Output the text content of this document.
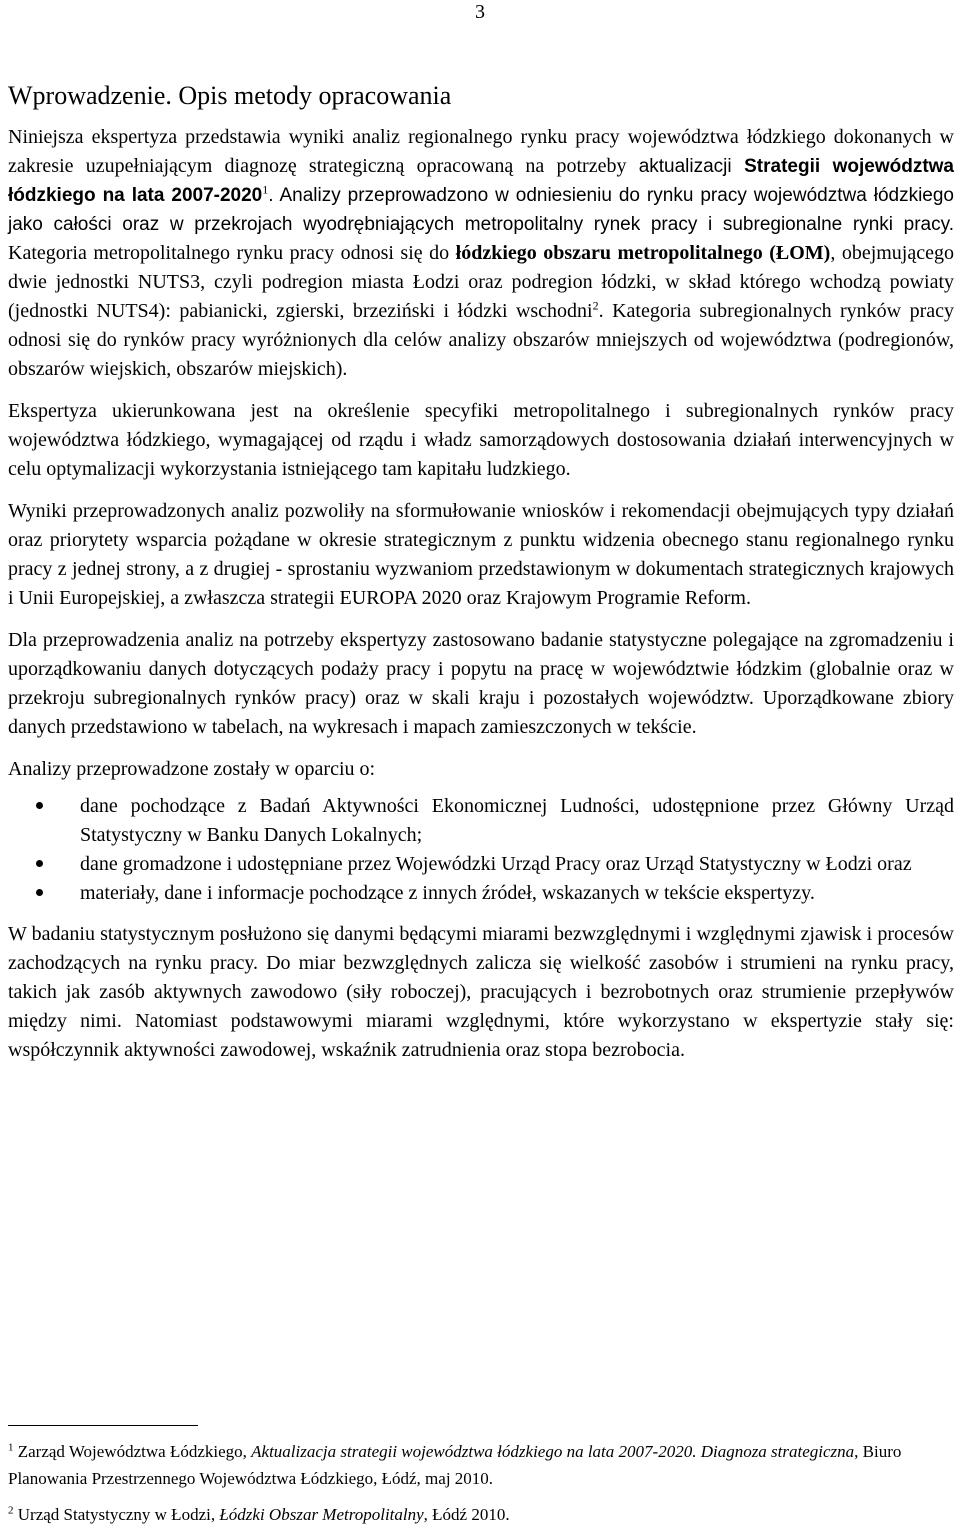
3
Wprowadzenie. Opis metody opracowania

Niniejsza ekspertyza przedstawia wyniki analiz regionalnego rynku pracy województwa łódzkiego dokonanych w zakresie uzupełniającym diagnozę strategiczną opracowaną na potrzeby aktualizacji Strategii województwa łódzkiego na lata 2007-2020$^1$. Analizy przeprowadzono w odniesieniu do rynku pracy województwa łódzkiego jako całości oraz w przekrojach wyodrębniających metropolitalny rynek pracy i subregionalne rynki pracy. Kategoria metropolitalnego rynku pracy odnosi się do łódzkiego obszaru metropolitalnego (ŁOM), obejmującego dwie jednostki NUTS3, czyli podregion miasta Łodzi oraz podregion łódzki, w skład którego wchodzą powiaty (jednostki NUTS4): pabianicki, zgierski, brzeziński i łódzki wschodni$^2$. Kategoria subregionalnych rynków pracy odnosi się do rynków pracy wyróżnionych dla celów analizy obszarów mniejszych od województwa (podregionów, obszarów wiejskich, obszarów miejskich).

Ekspertyza ukierunkowana jest na określenie specyfiki metropolitalnego i subregionalnych rynków pracy województwa łódzkiego, wymagającej od rządu i władz samorządowych dostosowania działań interwencyjnych w celu optymalizacji wykorzystania istniejącego tam kapitału ludzkiego.

Wyniki przeprowadzonych analiz pozwoliły na sformułowanie wniosków i rekomendacji obejmujących typy działań oraz priorytety wsparcia pożądane w okresie strategicznym z punktu widzenia obecnego stanu regionalnego rynku pracy z jednej strony, a z drugiej - sprostaniu wyzwaniom przedstawionym w dokumentach strategicznych krajowych i Unii Europejskiej, a zwłaszcza strategii EUROPA 2020 oraz Krajowym Programie Reform.

Dla przeprowadzenia analiz na potrzeby ekspertyzy zastosowano badanie statystyczne polegające na zgromadzeniu i uporządkowaniu danych dotyczących podaży pracy i popytu na pracę w województwie łódzkim (globalnie oraz w przekroju subregionalnych rynków pracy) oraz w skali kraju i pozostałych województw. Uporządkowane zbiory danych przedstawiono w tabelach, na wykresach i mapach zamieszczonych w tekście.

Analizy przeprowadzone zostały w oparciu o:

dane pochodzące z Badań Aktywności Ekonomicznej Ludności, udostępnione przez Główny Urząd Statystyczny w Banku Danych Lokalnych;
dane gromadzone i udostępniane przez Wojewódzki Urząd Pracy oraz Urząd Statystyczny w Łodzi oraz
materiały, dane i informacje pochodzące z innych źródeł, wskazanych w tekście ekspertyzy.

W badaniu statystycznym posłużono się danymi będącymi miarami bezwzględnymi i względnymi zjawisk i procesów zachodzących na rynku pracy. Do miar bezwzględnych zalicza się wielkość zasobów i strumieni na rynku pracy, takich jak zasób aktywnych zawodowo (siły roboczej), pracujących i bezrobotnych oraz strumienie przepływów między nimi. Natomiast podstawowymi miarami względnymi, które wykorzystano w ekspertyzie stały się: współczynnik aktywności zawodowej, wskaźnik zatrudnienia oraz stopa bezrobocia.

$^1$ Zarząd Województwa Łódzkiego, Aktualizacja strategii województwa łódzkiego na lata 2007-2020. Diagnoza strategiczna, Biuro Planowania Przestrzennego Województwa Łódzkiego, Łódź, maj 2010.

$^2$ Urząd Statystyczny w Łodzi, Łódzki Obszar Metropolitalny, Łódź 2010.
